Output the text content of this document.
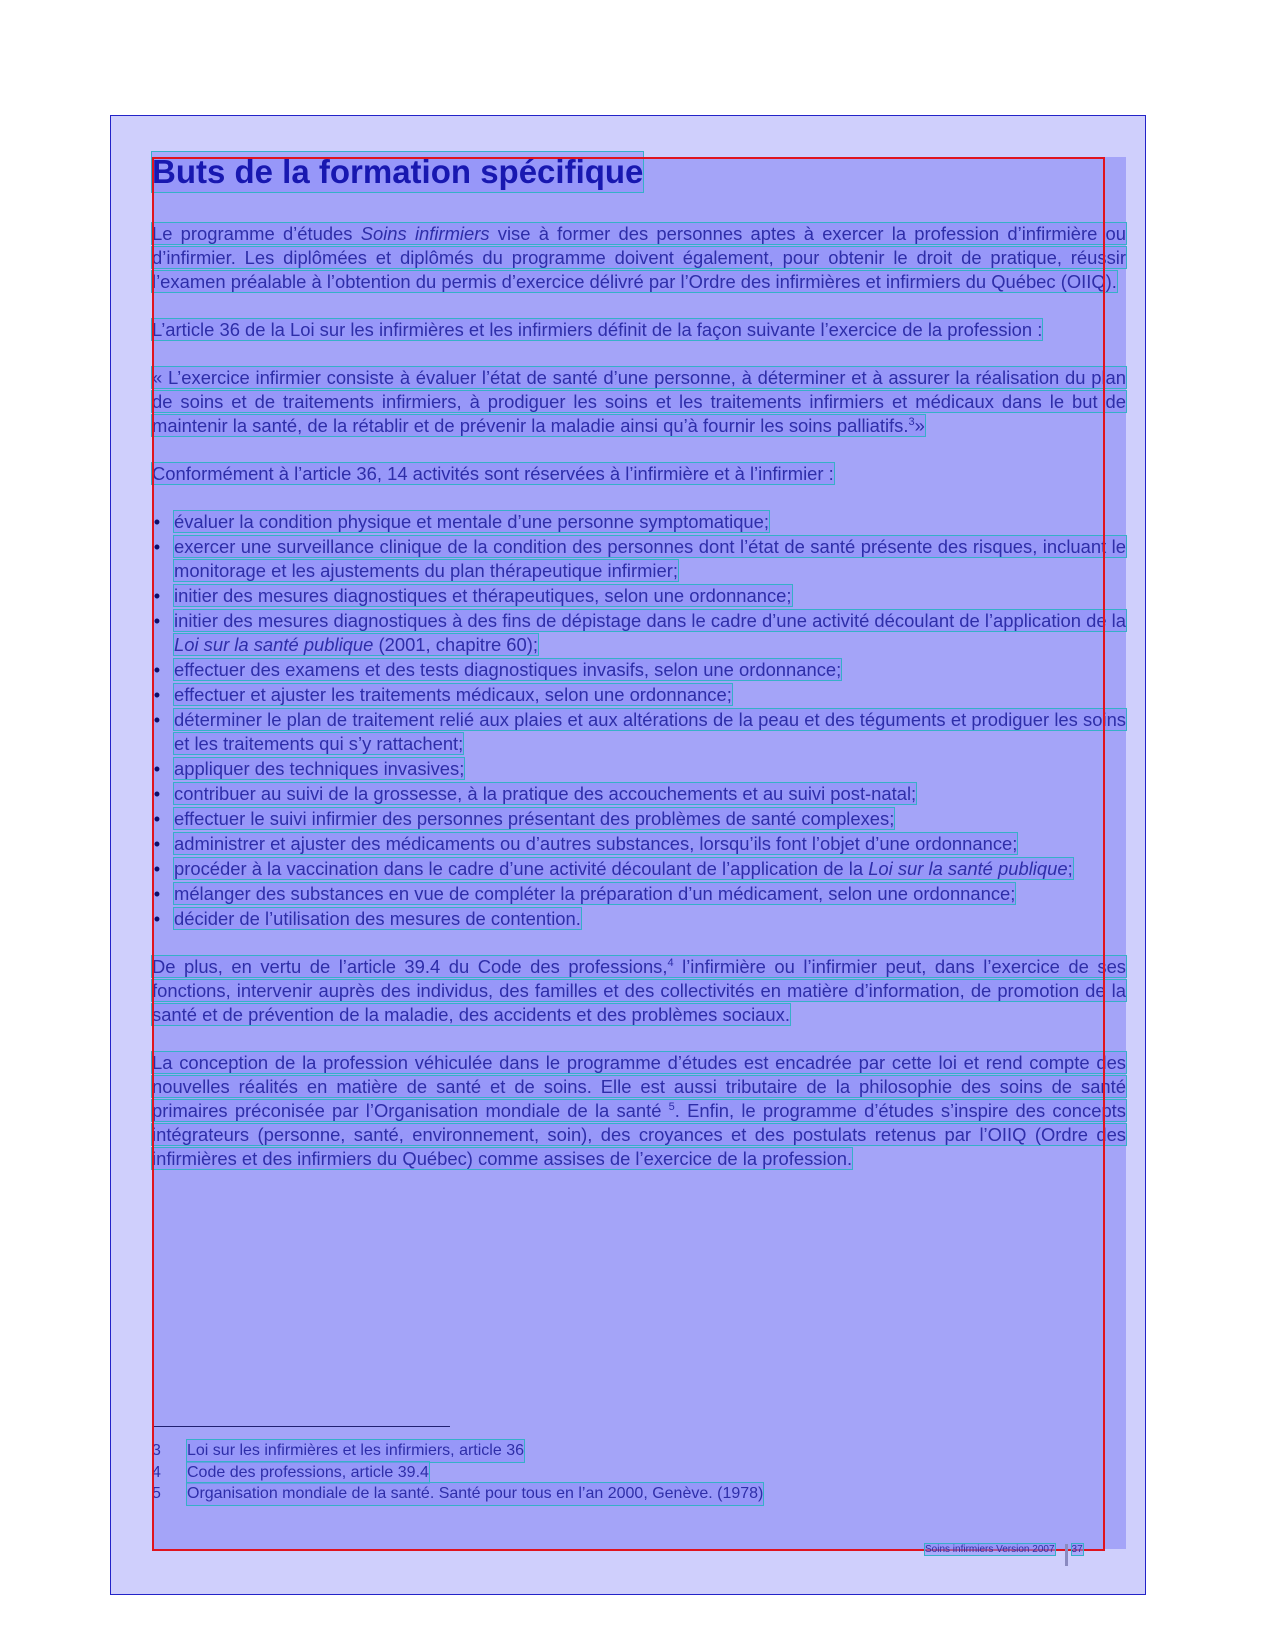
Buts de la formation spécifique

Le programme d’études Soins infirmiers vise à former des personnes aptes à exercer la profession d’infirmière ou d’infirmier. Les diplômées et diplômés du programme doivent également, pour obtenir le droit de pratique, réussir l’examen préalable à l’obtention du permis d’exercice délivré par l’Ordre des infirmières et infirmiers du Québec (OIIQ).

L’article 36 de la Loi sur les infirmières et les infirmiers définit de la façon suivante l’exercice de la profession :

« L’exercice infirmier consiste à évaluer l’état de santé d’une personne, à déterminer et à assurer la réalisation du plan de soins et de traitements infirmiers, à prodiguer les soins et les traitements infirmiers et médicaux dans le but de maintenir la santé, de la rétablir et de prévenir la maladie ainsi qu’à fournir les soins palliatifs.$^3$»

Conformément à l’article 36, 14 activités sont réservées à l’infirmière et à l’infirmier :

• évaluer la condition physique et mentale d’une personne symptomatique;
• exercer une surveillance clinique de la condition des personnes dont l’état de santé présente des risques, incluant le monitorage et les ajustements du plan thérapeutique infirmier;
• initier des mesures diagnostiques et thérapeutiques, selon une ordonnance;
• initier des mesures diagnostiques à des fins de dépistage dans le cadre d’une activité découlant de l’application de la Loi sur la santé publique (2001, chapitre 60);
• effectuer des examens et des tests diagnostiques invasifs, selon une ordonnance;
• effectuer et ajuster les traitements médicaux, selon une ordonnance;
• déterminer le plan de traitement relié aux plaies et aux altérations de la peau et des téguments et prodiguer les soins et les traitements qui s’y rattachent;
• appliquer des techniques invasives;
• contribuer au suivi de la grossesse, à la pratique des accouchements et au suivi post-natal;
• effectuer le suivi infirmier des personnes présentant des problèmes de santé complexes;
• administrer et ajuster des médicaments ou d’autres substances, lorsqu’ils font l’objet d’une ordonnance;
• procéder à la vaccination dans le cadre d’une activité découlant de l’application de la Loi sur la santé publique;
• mélanger des substances en vue de compléter la préparation d’un médicament, selon une ordonnance;
• décider de l’utilisation des mesures de contention.

De plus, en vertu de l’article 39.4 du Code des professions,$^4$ l’infirmière ou l’infirmier peut, dans l’exercice de ses fonctions, intervenir auprès des individus, des familles et des collectivités en matière d’information, de promotion de la santé et de prévention de la maladie, des accidents et des problèmes sociaux.

La conception de la profession véhiculée dans le programme d’études est encadrée par cette loi et rend compte des nouvelles réalités en matière de santé et de soins. Elle est aussi tributaire de la philosophie des soins de santé primaires préconisée par l’Organisation mondiale de la santé $^5$. Enfin, le programme d’études s’inspire des concepts intégrateurs (personne, santé, environnement, soin), des croyances et des postulats retenus par l’OIIQ (Ordre des infirmières et des infirmiers du Québec) comme assises de l’exercice de la profession.

3	Loi sur les infirmières et les infirmiers, article 36
4	Code des professions, article 39.4
5	Organisation mondiale de la santé. Santé pour tous en l’an 2000, Genève. (1978)
Soins infirmiers Version 2007 37
